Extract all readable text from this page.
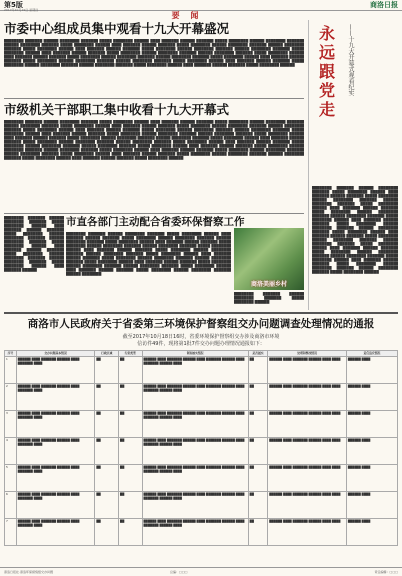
第5版
2017年10月19日 星期四
商洛日报
要 闻
市委中心组成员集中观看十九大开幕盛况
████████ ███████ ██████ ████████ ███████ █████ ████████ ██████ ████ ███████ ██████ ███████ █████ ████████ ██████ ████████ ███████ ██████ ████████ ███████ █████ ████████ ██████ ████ ███████ ██████ ███████ █████ ████████ ██████ ████████ ███████ ██████ ████████ ███████ █████ ████████ ██████ ████ ███████ ██████ ███████ █████ ████████ ██████ ████████ ███████ ██████ ████████ ███████ █████ ████████ ██████ ████ ███████ ██████ ███████ █████ ████████ ██████ ████████ ███████ ██████ ████████ ███████ █████ ████████ ██████ ████ ███████ ██████ ███████ █████ ████████ ██████ ████████ ███████ ██████ ████████ ███████ █████ ████████ ██████ ████ ███████ ██████ ███████ █████ ████████ ██████ ████████ ███████ ██████ ████████ ███████ █████ ████████ ██████ ████ ███████ ██████ ███████ █████ ████████ ██████ ████████ ███████ ██████ ████████ ███████ █████ ████████ ██████ ████ ███████ ██████ ███████ █████ ████████ ██████
市级机关干部职工集中收看十九大开幕式
████████ ███████ ██████ ████████ ███████ █████ ████████ ██████ ████ ███████ ██████ ███████ █████ ████████ ██████ ████████ ███████ ██████ ████████ ███████ █████ ████████ ██████ ████ ███████ ██████ ███████ █████ ████████ ██████ ████████ ███████ ██████ ████████ ███████ █████ ████████ ██████ ████ ███████ ██████ ███████ █████ ████████ ██████ ████████ ███████ ██████ ████████ ███████ █████ ████████ ██████ ████ ███████ ██████ ███████ █████ ████████ ██████ ████████ ███████ ██████ ████████ ███████ █████ ████████ ██████ ████ ███████ ██████ ███████ █████ ████████ ██████ ████████ ███████ ██████ ████████ ███████ █████ ████████ ██████ ████ ███████ ██████ ███████ █████ ████████ ██████ ████████ ███████ ██████ ████████ ███████ █████ ████████ ██████ ████ ███████ ██████ ███████ █████ ████████ ██████ ████████ ███████ ██████ ████████ ███████ █████ ████████ ██████ ████ ███████ ██████ ███████ █████ ████████ ██████ ████████ ███████ ██████ ████████ ███████ █████ ████████ ██████ ████ ███████ ██████ ███████ █████ ████████ ██████ ████████ ███████ ██████ ████████ ███████ █████ ████████ ██████ ████ ███████ ██████ ███████ █████ ████████ ██████ ████████ ███████ ██████ ████████ ███████ █████ ████████ ██████ ████ ███████ ██████ ███████ █████ ████████ ██████
████████ ███████ ██████ ████████ ███████ █████ ████████ ██████ ████ ███████ ██████ ███████ █████ ████████ ██████ ████████ ███████ ██████ ████████ ███████ █████ ████████ ██████ ████ ███████ ██████ ███████ █████ ████████ ██████ ████████ ███████ ██████ ████████ ███████ █████ ████████ ██████ ████ ███████ ██████
市直各部门主动配合省委环保督察工作
████████ ███████ ██████ ████████ ███████ █████ ████████ ██████ ████ ███████ ██████ ███████ █████ ████████ ██████ ████████ ███████ ██████ ████████ ███████ █████ ████████ ██████ ████ ███████ ██████ ███████ █████ ████████ ██████ ████████ ███████ ██████ ████████ ███████ █████ ████████ ██████ ████ ███████ ██████ ███████ █████ ████████ ██████ ████████ ███████ ██████ ████████ ███████ █████ ████████ ██████ ████ ███████ ██████ ███████ █████ ████████ ██████ ████████ ███████ ██████ ████████ ███████ █████ ████████ ██████ ████ ███████ ██████ ███████ █████ ████████ ██████ ████████ ███████ ██████ ████████ ███████ █████ ████████ ██████ ████ ███████ ██████ ███████ █████ ████████ ██████ ████████ ███████ ██████ ████████
商洛美丽乡村
████████ ███████ ██████ ████████ ███████ █████ ████████ ██████
永
远
跟
党
走
——十九大开幕式观看纪实
████████ ███████ ██████ ████████ ███████ █████ ████████ ██████ ████ ███████ ██████ ███████ █████ ████████ ██████ ████████ ███████ ██████ ████████ ███████ █████ ████████ ██████ ████ ███████ ██████ ███████ █████ ████████ ██████ ████████ ███████ ██████ ████████ ███████ █████ ████████ ██████ ████ ███████ ██████ ███████ █████ ████████ ██████ ████████ ███████ ██████ ████████ ███████ █████ ████████ ██████ ████ ███████ ██████ ███████ █████ ████████ ██████ ████████ ███████ ██████ ████████ ███████ █████ ████████ ██████ ████ ███████ ██████ ███████ █████ ████████ ██████ ████████ ███████ ██████ ████████ ███████ █████ ████████ ██████ ████ ███████ ██████ ███████ █████ ████████ ██████ ████████ ███████ ██████ ████████ ███████ █████ ████████ ██████
商洛市人民政府关于省委第三环境保护督察组交办问题调查处理情况的通报
截至2017年10月18日16时，省委环境保护督察组交办涉及商洛市环境
信访件49件，现将第1批7件交办问题办理情况通报如下：
序号	交办问题基本情况	行政区域	污染类型	调查核实情况	是否属实	处理和整改情况	责任追究情况
1	██████ ████ ███████ ██████ ████ ███████ ████	██	██	██████ ████ ███████ ██████ ████ ███████ ██████ ████ ███████ ██████ ████	██	██████ ████ ███████ ██████ ████ ████	██████ ████
2	██████ ████ ███████ ██████ ████ ███████ ████	██	██	██████ ████ ███████ ██████ ████ ███████ ██████ ████ ███████ ██████ ████	██	██████ ████ ███████ ██████ ████ ████	██████ ████
3	██████ ████ ███████ ██████ ████ ███████ ████	██	██	██████ ████ ███████ ██████ ████ ███████ ██████ ████ ███████ ██████ ████	██	██████ ████ ███████ ██████ ████ ████	██████ ████
4	██████ ████ ███████ ██████ ████ ███████ ████	██	██	██████ ████ ███████ ██████ ████ ███████ ██████ ████ ███████ ██████ ████	██	██████ ████ ███████ ██████ ████ ████	██████ ████
5	██████ ████ ███████ ██████ ████ ███████ ████	██	██	██████ ████ ███████ ██████ ████ ███████ ██████ ████ ███████ ██████ ████	██	██████ ████ ███████ ██████ ████ ████	██████ ████
6	██████ ████ ███████ ██████ ████ ███████ ████	██	██	██████ ████ ███████ ██████ ████ ███████ ██████ ████ ███████ ██████ ████	██	██████ ████ ███████ ██████ ████ ████	██████ ████
7	██████ ████ ███████ ██████ ████ ███████ ████	██	██	██████ ████ ███████ ██████ ████ ███████ ██████ ████ ███████ ██████ ████	██	██████ ████ ███████ ██████ ████ ████	██████ ████
商洛日报社·商洛环保督察组交办问题	总编：□□□	责任编辑：□□□
